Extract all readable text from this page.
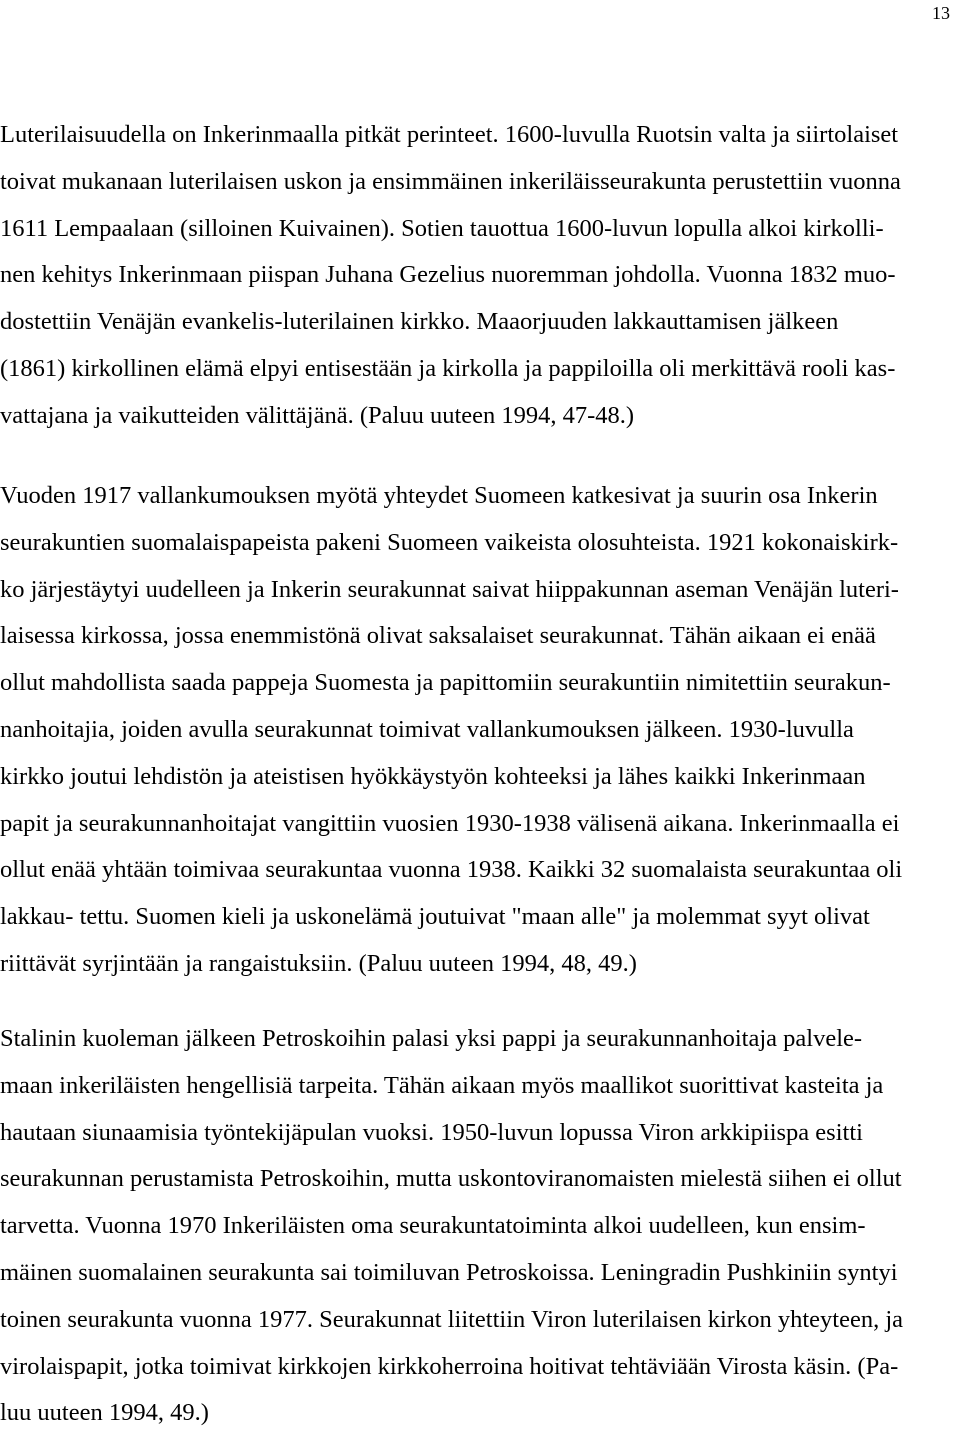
13
Luterilaisuudella on Inkerinmaalla pitkät perinteet. 1600-luvulla Ruotsin valta ja siirtolaiset
toivat mukanaan luterilaisen uskon ja ensimmäinen inkeriläisseurakunta perustettiin vuonna
1611 Lempaalaan (silloinen Kuivainen). Sotien tauottua 1600-luvun lopulla alkoi kirkolli-
nen kehitys Inkerinmaan piispan Juhana Gezelius nuoremman johdolla. Vuonna 1832 muo-
dostettiin Venäjän evankelis-luterilainen kirkko. Maaorjuuden lakkauttamisen jälkeen
(1861) kirkollinen elämä elpyi entisestään ja kirkolla ja pappiloilla oli merkittävä rooli kas-
vattajana ja vaikutteiden välittäjänä. (Paluu uuteen 1994, 47-48.)
Vuoden 1917 vallankumouksen myötä yhteydet Suomeen katkesivat ja suurin osa Inkerin
seurakuntien suomalaispapeista pakeni Suomeen vaikeista olosuhteista. 1921 kokonaiskirk-
ko järjestäytyi uudelleen ja Inkerin seurakunnat saivat hiippakunnan aseman Venäjän luteri-
laisessa kirkossa, jossa enemmistönä olivat saksalaiset seurakunnat. Tähän aikaan ei enää
ollut mahdollista saada pappeja Suomesta ja papittomiin seurakuntiin nimitettiin seurakun-
nanhoitajia, joiden avulla seurakunnat toimivat vallankumouksen jälkeen. 1930-luvulla
kirkko joutui lehdistön ja ateistisen hyökkäystyön kohteeksi ja lähes kaikki Inkerinmaan
papit ja seurakunnanhoitajat vangittiin vuosien 1930-1938 välisenä aikana. Inkerinmaalla ei
ollut enää yhtään toimivaa seurakuntaa vuonna 1938. Kaikki 32 suomalaista seurakuntaa oli
lakkau- tettu. Suomen kieli ja uskonelämä joutuivat "maan alle" ja molemmat syyt olivat
riittävät syrjintään ja rangaistuksiin. (Paluu uuteen 1994, 48, 49.)
Stalinin kuoleman jälkeen Petroskoihin palasi yksi pappi ja seurakunnanhoitaja palvele-
maan inkeriläisten hengellisiä tarpeita. Tähän aikaan myös maallikot suorittivat kasteita ja
hautaan siunaamisia työntekijäpulan vuoksi. 1950-luvun lopussa Viron arkkipiispa esitti
seurakunnan perustamista Petroskoihin, mutta uskontoviranomaisten mielestä siihen ei ollut
tarvetta. Vuonna 1970 Inkeriläisten oma seurakuntatoiminta alkoi uudelleen, kun ensim-
mäinen suomalainen seurakunta sai toimiluvan Petroskoissa. Leningradin Pushkiniin syntyi
toinen seurakunta vuonna 1977. Seurakunnat liitettiin Viron luterilaisen kirkon yhteyteen, ja
virolaispapit, jotka toimivat kirkkojen kirkkoherroina hoitivat tehtäviään Virosta käsin. (Pa-
luu uuteen 1994, 49.)
